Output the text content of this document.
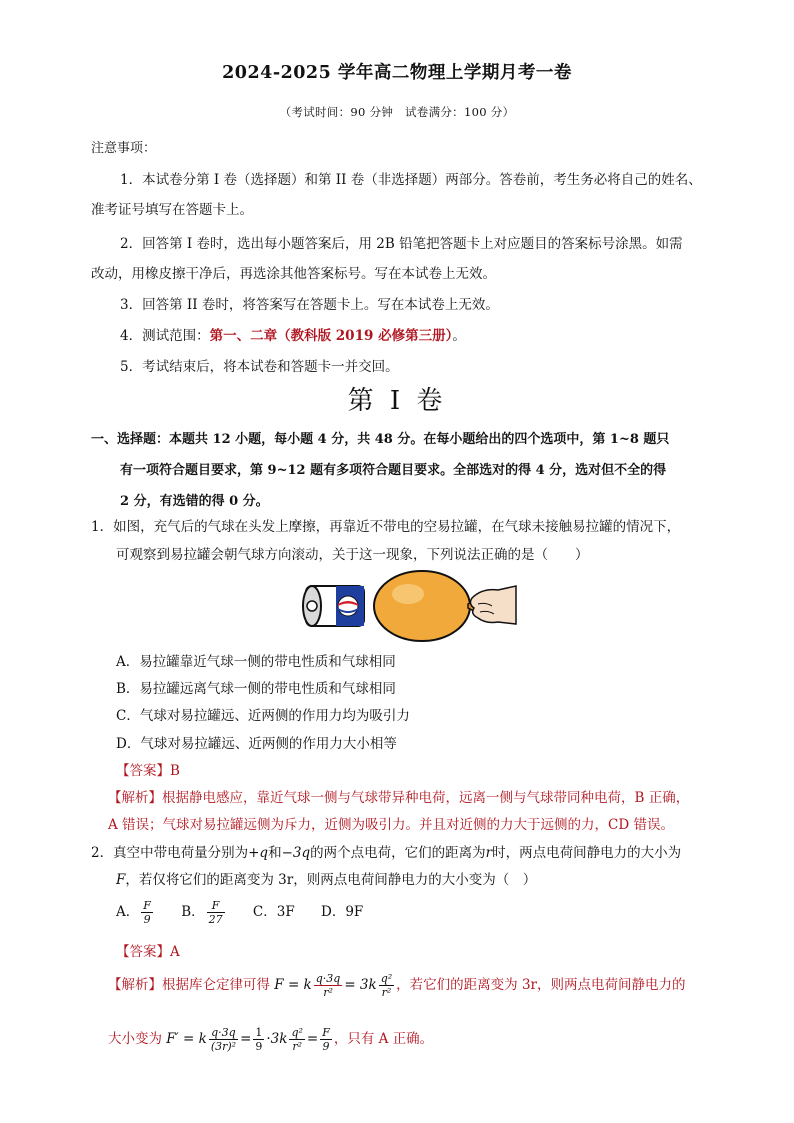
2024-2025 学年高二物理上学期月考一卷
（考试时间：90 分钟　试卷满分：100 分）
注意事项：
1．本试卷分第 I 卷（选择题）和第 II 卷（非选择题）两部分。答卷前，考生务必将自己的姓名、
准考证号填写在答题卡上。
2．回答第 I 卷时，选出每小题答案后，用 2B 铅笔把答题卡上对应题目的答案标号涂黑。如需
改动，用橡皮擦干净后，再选涂其他答案标号。写在本试卷上无效。
3．回答第 II 卷时，将答案写在答题卡上。写在本试卷上无效。
4．测试范围：第一、二章（教科版 2019 必修第三册）。
5．考试结束后，将本试卷和答题卡一并交回。
第 I 卷
一、选择题：本题共 12 小题，每小题 4 分，共 48 分。在每小题给出的四个选项中，第 1~8 题只
有一项符合题目要求，第 9~12 题有多项符合题目要求。全部选对的得 4 分，选对但不全的得
2 分，有选错的得 0 分。
1．如图，充气后的气球在头发上摩擦，再靠近不带电的空易拉罐，在气球未接触易拉罐的情况下，
可观察到易拉罐会朝气球方向滚动，关于这一现象，下列说法正确的是（　　）
A．易拉罐靠近气球一侧的带电性质和气球相同
B．易拉罐远离气球一侧的带电性质和气球相同
C．气球对易拉罐远、近两侧的作用力均为吸引力
D．气球对易拉罐远、近两侧的作用力大小相等
【答案】B
【解析】根据静电感应，靠近气球一侧与气球带异种电荷，远离一侧与气球带同种电荷，B 正确，
A 错误；气球对易拉罐远侧为斥力，近侧为吸引力。并且对近侧的力大于远侧的力，CD 错误。
2．真空中带电荷量分别为+q和−3q的两个点电荷，它们的距离为r时，两点电荷间静电力的大小为
F，若仅将它们的距离变为 3r，则两点电荷间静电力的大小变为（　）
A． $\frac{F}{9}$ B． $\frac{F}{27}$ C．3F D．9F
【答案】A
【解析】根据库仑定律可得 F = k $\frac{q\cdot 3q}{\text{r²}} = 3k \frac{\text{q²}}{\text{r²}}$ ，若它们的距离变为 3r，则两点电荷间静电力的
大小变为 F′ = k $\frac{q\cdot 3q}{\text{(3r)²}} = \frac{1}{9} \cdot 3k \frac{\text{q²}}{\text{r²}} = \frac{F}{9}$ ，只有 A 正确。
